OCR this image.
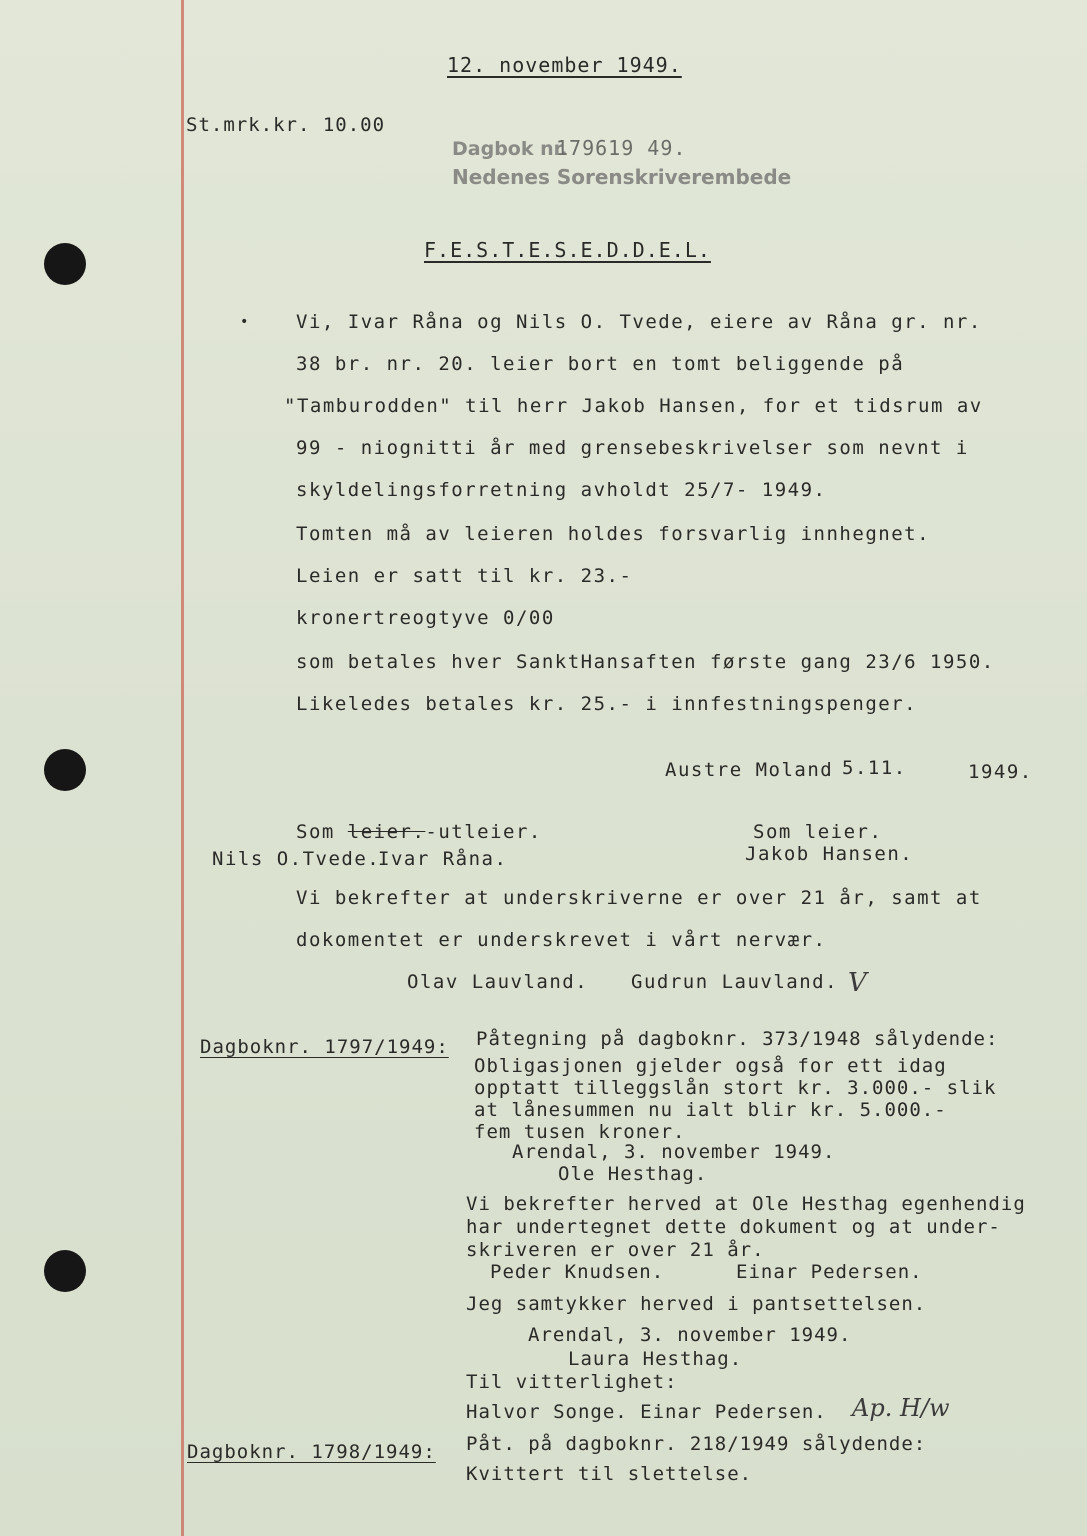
12. november 1949.
St.mrk.kr. 10.00
Dagbok nr.
179619 49.
Nedenes Sorenskriverembede
F.E.S.T.E.S.E.D.D.E.L.
• Vi, Ivar Råna og Nils O. Tvede, eiere av Råna gr. nr.
38 br. nr. 20. leier bort en tomt beliggende på
"Tamburodden" til herr Jakob Hansen, for et tidsrum av
99 - niognitti år med grensebeskrivelser som nevnt i
skyldelingsforretning avholdt 25/7- 1949.
Tomten må av leieren holdes forsvarlig innhegnet.
Leien er satt til kr. 23.-
kronertreogtyve 0/00
som betales hver SanktHansaften første gang 23/6 1950.
Likeledes betales kr. 25.- i innfestningspenger.
Austre Moland 5.11.	1949.
Som leier.-utleier.	Som leier.
Nils O.Tvede.
Ivar Råna.	Jakob Hansen.
Vi bekrefter at underskriverne er over 21 år, samt at
dokomentet er underskrevet i vårt nervær.
Olav Lauvland. Gudrun Lauvland. V
Dagboknr. 1797/1949: Påtegning på dagboknr. 373/1948 sålydende:
Obligasjonen gjelder også for ett idag
opptatt tilleggslån stort kr. 3.000.- slik
at lånesummen nu ialt blir kr. 5.000.-
fem tusen kroner.
Arendal, 3. november 1949.
Ole Hesthag.
Vi bekrefter herved at Ole Hesthag egenhendig
har undertegnet dette dokument og at under-
skriveren er over 21 år.
Peder Knudsen.	Einar Pedersen.
Jeg samtykker herved i pantsettelsen.
Arendal, 3. november 1949.
Laura Hesthag.
Til vitterlighet:
Halvor Songe. Einar Pedersen. Ap. H/w
Dagboknr. 1798/1949: Påt. på dagboknr. 218/1949 sålydende:
Kvittert til slettelse.
